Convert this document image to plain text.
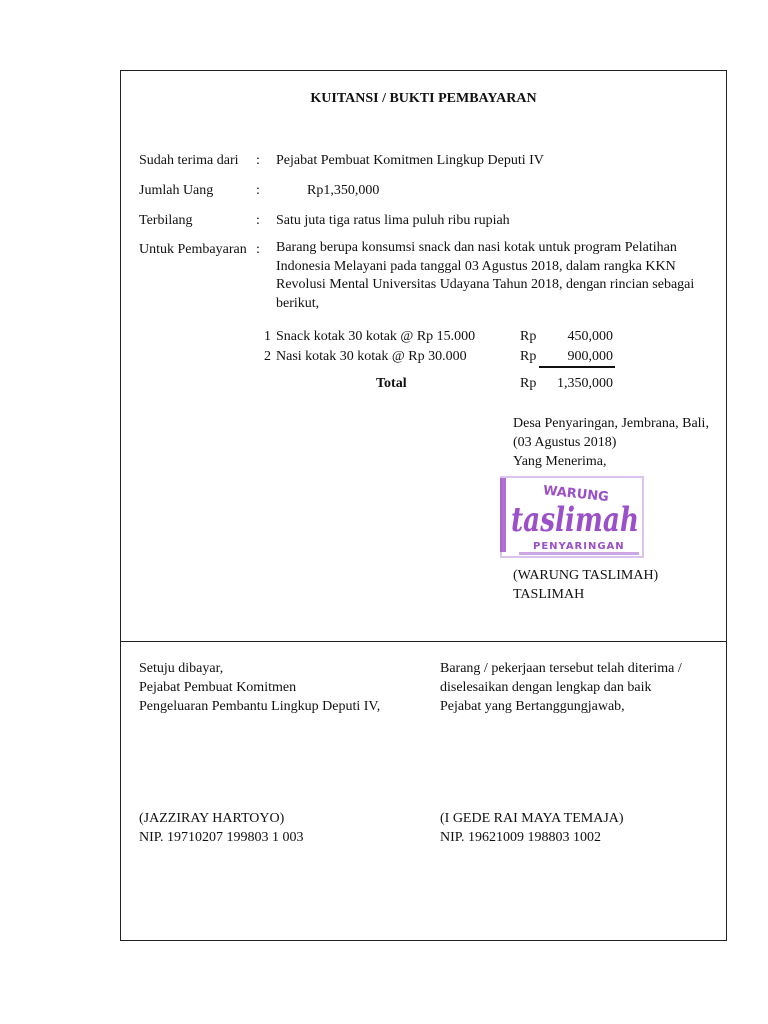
KUITANSI / BUKTI PEMBAYARAN
Sudah terima dari : Pejabat Pembuat Komitmen Lingkup Deputi IV
Jumlah Uang	:	Rp1,350,000
Terbilang	: Satu juta tiga ratus lima puluh ribu rupiah
Untuk Pembayaran : Barang berupa konsumsi snack dan nasi kotak untuk program Pelatihan Indonesia Melayani pada tanggal 03 Agustus 2018, dalam rangka KKN Revolusi Mental Universitas Udayana Tahun 2018, dengan rincian sebagai berikut,
1 Snack kotak 30 kotak @ Rp 15.000	Rp	450,000
2 Nasi kotak 30 kotak @ Rp 30.000	Rp	900,000
Total	Rp	1,350,000
Desa Penyaringan, Jembrana, Bali,
(03 Agustus 2018)
Yang Menerima,
WARUNG
taslimah
PENYARINGAN
(WARUNG TASLIMAH)
TASLIMAH
Setuju dibayar,
Pejabat Pembuat Komitmen
Pengeluaran Pembantu Lingkup Deputi IV,
(JAZZIRAY HARTOYO)
NIP. 19710207 199803 1 003
Barang / pekerjaan tersebut telah diterima /
diselesaikan dengan lengkap dan baik
Pejabat yang Bertanggungjawab,
(I GEDE RAI MAYA TEMAJA)
NIP. 19621009 198803 1002
